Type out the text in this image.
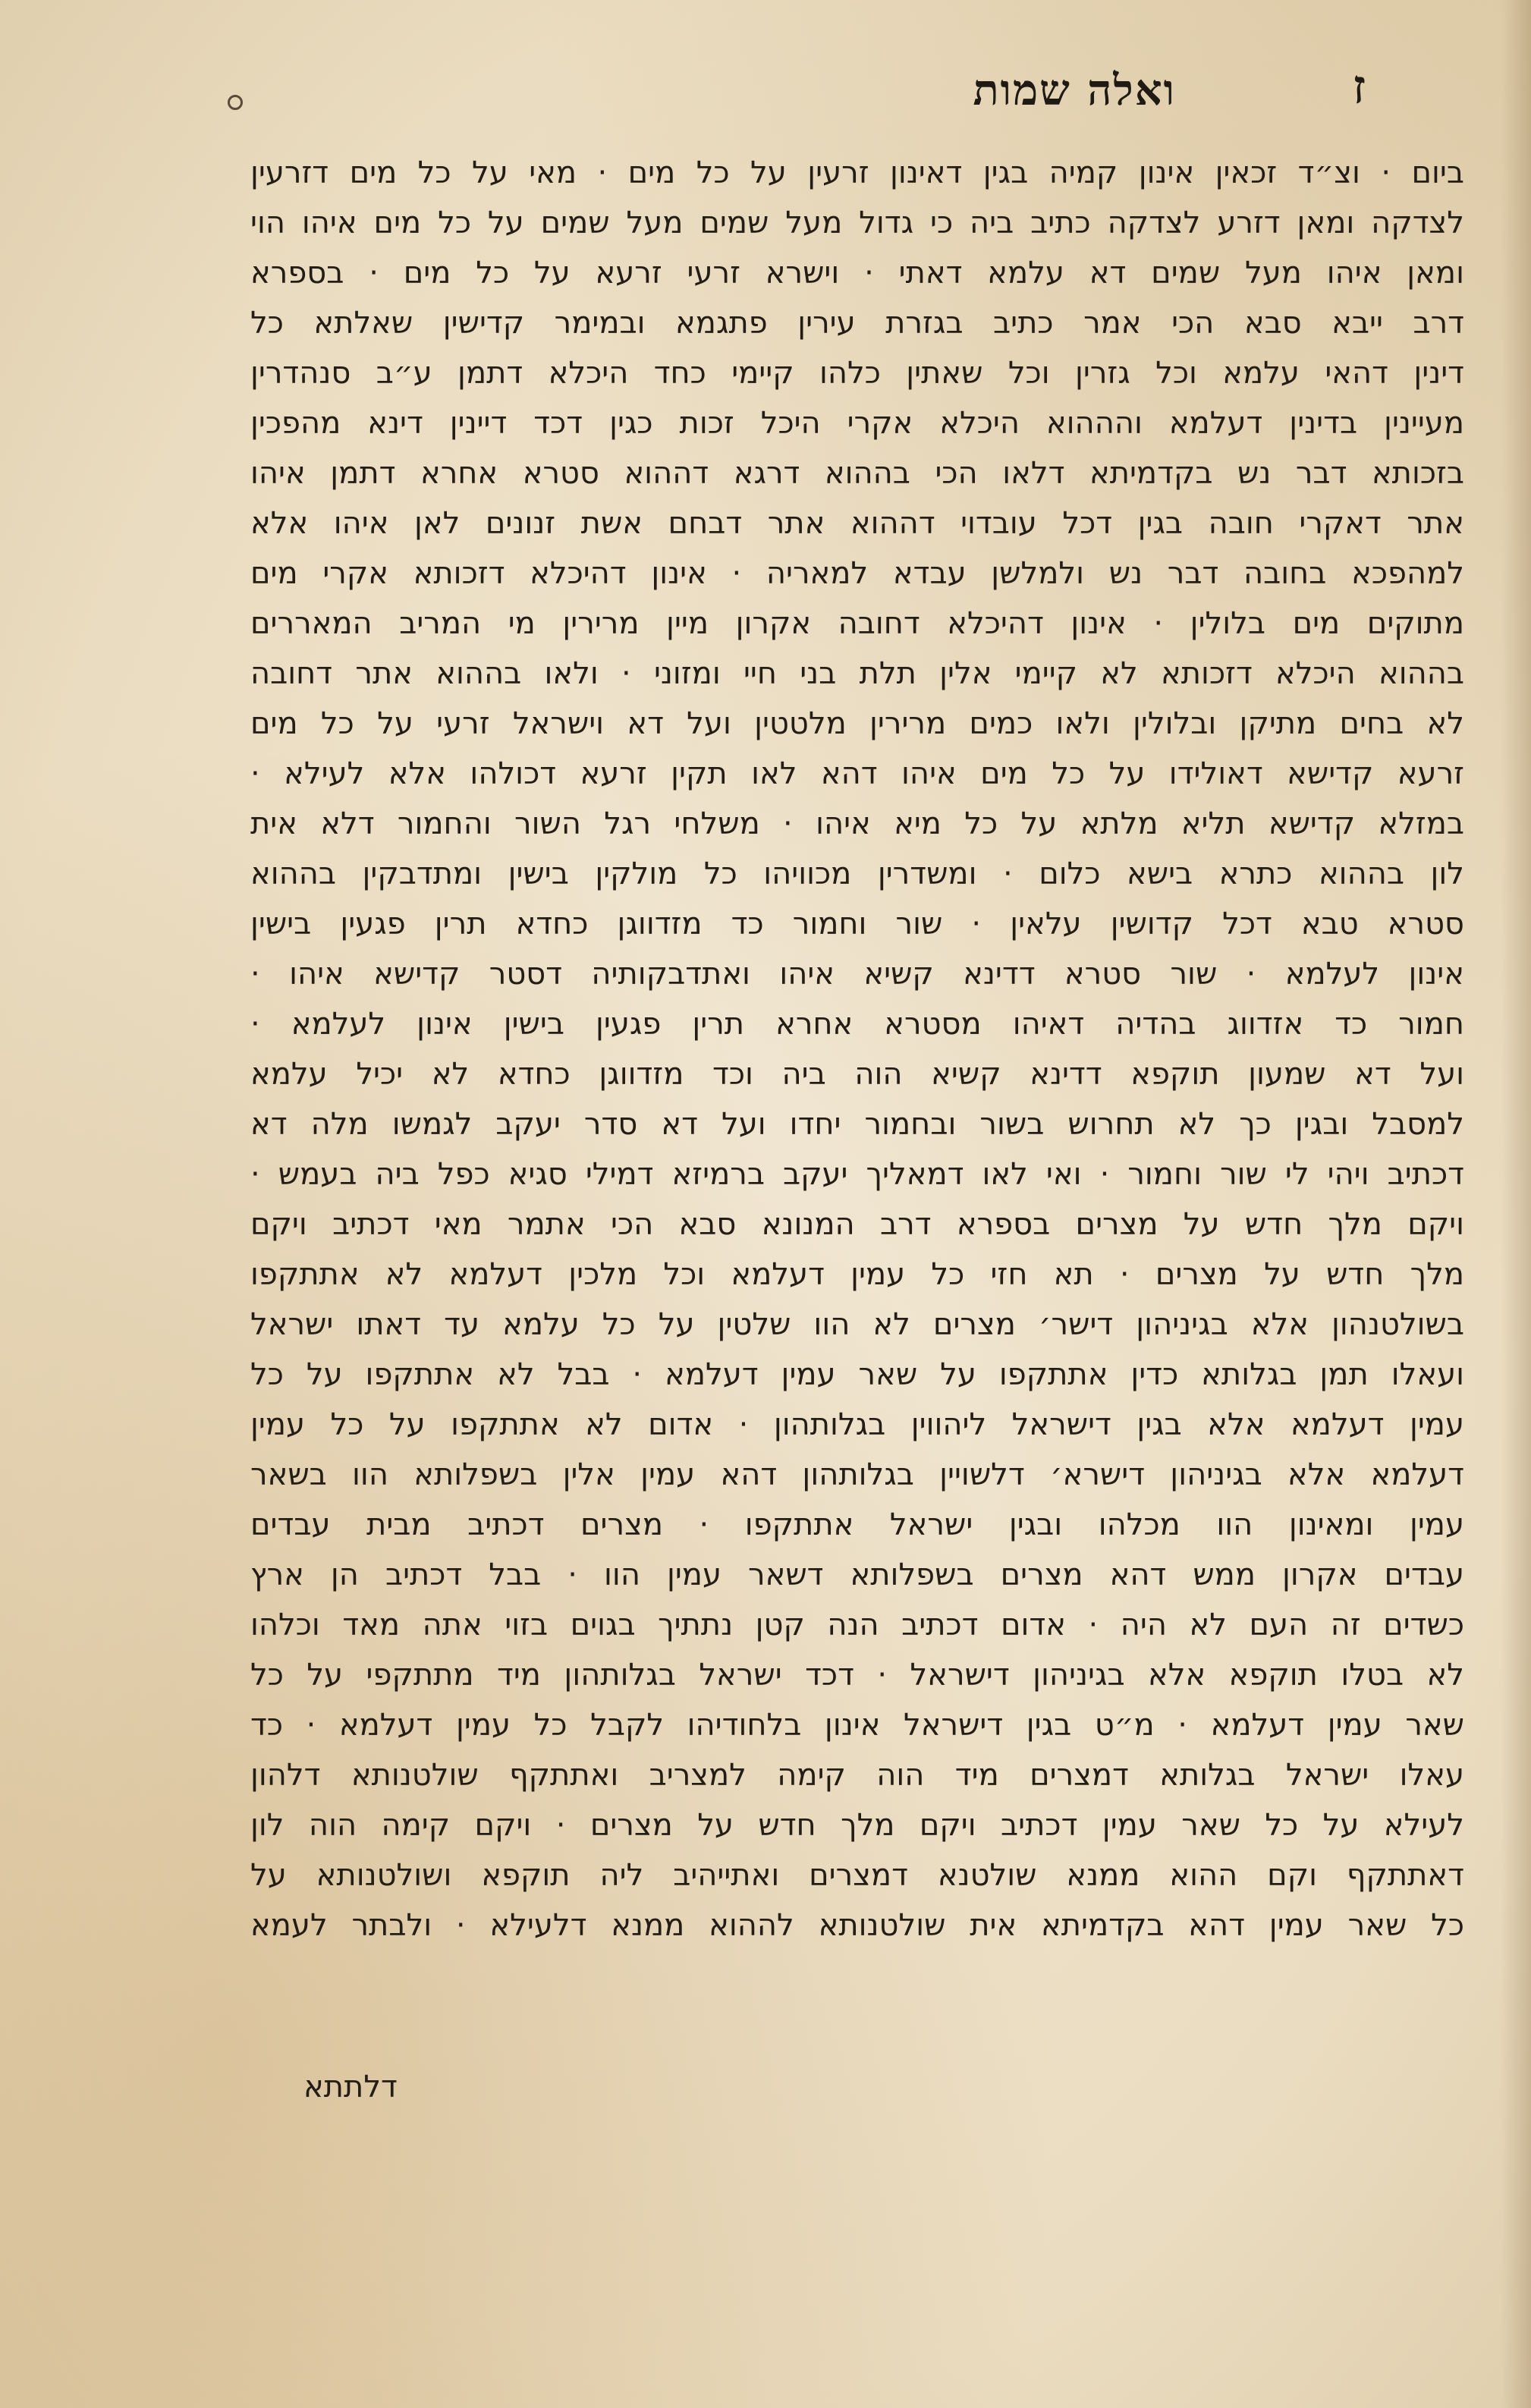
ז
ואלה שמות
ביום · וצ״ד זכאין אינון קמיה בגין דאינון זרעין על כל מים · מאי על כל מים דזרעין
לצדקה ומאן דזרע לצדקה כתיב ביה כי גדול מעל שמים מעל שמים על כל מים איהו הוי
ומאן איהו מעל שמים דא עלמא דאתי · וישרא זרעי זרעא על כל מים · בספרא
דרב ייבא סבא הכי אמר כתיב בגזרת עירין פתגמא ובמימר קדישין שאלתא כל
דינין דהאי עלמא וכל גזרין וכל שאתין כלהו קיימי כחד היכלא דתמן ע״ב סנהדרין
מעיינין בדינין דעלמא והההוא היכלא אקרי היכל זכות כגין דכד דיינין דינא מהפכין
בזכותא דבר נש בקדמיתא דלאו הכי בההוא דרגא דההוא סטרא אחרא דתמן איהו
אתר דאקרי חובה בגין דכל עובדוי דההוא אתר דבחם אשת זנונים לאן איהו אלא
למהפכא בחובה דבר נש ולמלשן עבדא למאריה · אינון דהיכלא דזכותא אקרי מים
מתוקים מים בלולין · אינון דהיכלא דחובה אקרון מיין מרירין מי המריב המאררים
בההוא היכלא דזכותא לא קיימי אלין תלת בני חיי ומזוני · ולאו בההוא אתר דחובה
לא בחים מתיקן ובלולין ולאו כמים מרירין מלטטין ועל דא וישראל זרעי על כל מים
זרעא קדישא דאולידו על כל מים איהו דהא לאו תקין זרעא דכולהו אלא לעילא ·
במזלא קדישא תליא מלתא על כל מיא איהו · משלחי רגל השור והחמור דלא אית
לון בההוא כתרא בישא כלום · ומשדרין מכוויהו כל מולקין בישין ומתדבקין בההוא
סטרא טבא דכל קדושין עלאין · שור וחמור כד מזדווגן כחדא תרין פגעין בישין
אינון לעלמא · שור סטרא דדינא קשיא איהו ואתדבקותיה דסטר קדישא איהו ·
חמור כד אזדווג בהדיה דאיהו מסטרא אחרא תרין פגעין בישין אינון לעלמא ·
ועל דא שמעון תוקפא דדינא קשיא הוה ביה וכד מזדווגן כחדא לא יכיל עלמא
למסבל ובגין כך לא תחרוש בשור ובחמור יחדו ועל דא סדר יעקב לגמשו מלה דא
דכתיב ויהי לי שור וחמור · ואי לאו דמאליך יעקב ברמיזא דמילי סגיא כפל ביה בעמש ·
ויקם מלך חדש על מצרים בספרא דרב המנונא סבא הכי אתמר מאי דכתיב ויקם
מלך חדש על מצרים · תא חזי כל עמין דעלמא וכל מלכין דעלמא לא אתתקפו
בשולטנהון אלא בגיניהון דישר׳ מצרים לא הוו שלטין על כל עלמא עד דאתו ישראל
ועאלו תמן בגלותא כדין אתתקפו על שאר עמין דעלמא · בבל לא אתתקפו על כל
עמין דעלמא אלא בגין דישראל ליהווין בגלותהון · אדום לא אתתקפו על כל עמין
דעלמא אלא בגיניהון דישרא׳ דלשויין בגלותהון דהא עמין אלין בשפלותא הוו בשאר
עמין ומאינון הוו מכלהו ובגין ישראל אתתקפו · מצרים דכתיב מבית עבדים
עבדים אקרון ממש דהא מצרים בשפלותא דשאר עמין הוו · בבל דכתיב הן ארץ
כשדים זה העם לא היה · אדום דכתיב הנה קטן נתתיך בגוים בזוי אתה מאד וכלהו
לא בטלו תוקפא אלא בגיניהון דישראל · דכד ישראל בגלותהון מיד מתתקפי על כל
שאר עמין דעלמא · מ״ט בגין דישראל אינון בלחודיהו לקבל כל עמין דעלמא · כד
עאלו ישראל בגלותא דמצרים מיד הוה קימה למצריב ואתתקף שולטנותא דלהון
לעילא על כל שאר עמין דכתיב ויקם מלך חדש על מצרים · ויקם קימה הוה לון
דאתתקף וקם ההוא ממנא שולטנא דמצרים ואתייהיב ליה תוקפא ושולטנותא על
כל שאר עמין דהא בקדמיתא אית שולטנותא לההוא ממנא דלעילא · ולבתר לעמא
דלתתא
